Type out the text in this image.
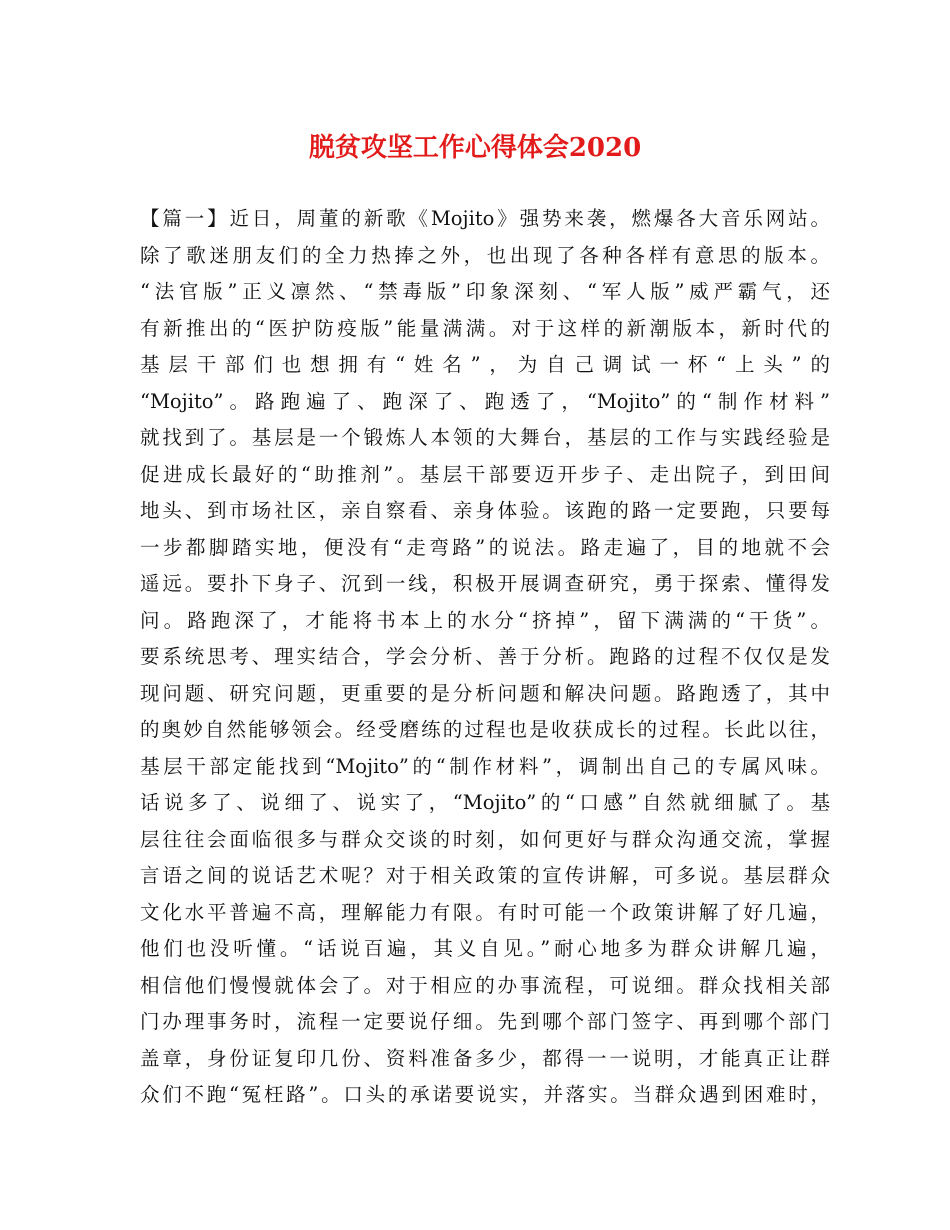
脱贫攻坚工作心得体会2020
【篇一】近日，周董的新歌《Mojito》强势来袭，燃爆各大音乐网站。
除了歌迷朋友们的全力热捧之外，也出现了各种各样有意思的版本。
“法官版”正义凛然、“禁毒版”印象深刻、“军人版”威严霸气，还
有新推出的“医护防疫版”能量满满。对于这样的新潮版本，新时代的
基层干部们也想拥有“姓名”，为自己调试一杯“上头”的
“Mojito”。路跑遍了、跑深了、跑透了，“Mojito”的“制作材料”
就找到了。基层是一个锻炼人本领的大舞台，基层的工作与实践经验是
促进成长最好的“助推剂”。基层干部要迈开步子、走出院子，到田间
地头、到市场社区，亲自察看、亲身体验。该跑的路一定要跑，只要每
一步都脚踏实地，便没有“走弯路”的说法。路走遍了，目的地就不会
遥远。要扑下身子、沉到一线，积极开展调查研究，勇于探索、懂得发
问。路跑深了，才能将书本上的水分“挤掉”，留下满满的“干货”。
要系统思考、理实结合，学会分析、善于分析。跑路的过程不仅仅是发
现问题、研究问题，更重要的是分析问题和解决问题。路跑透了，其中
的奥妙自然能够领会。经受磨练的过程也是收获成长的过程。长此以往，
基层干部定能找到“Mojito”的“制作材料”，调制出自己的专属风味。
话说多了、说细了、说实了，“Mojito”的“口感”自然就细腻了。基
层往往会面临很多与群众交谈的时刻，如何更好与群众沟通交流，掌握
言语之间的说话艺术呢？对于相关政策的宣传讲解，可多说。基层群众
文化水平普遍不高，理解能力有限。有时可能一个政策讲解了好几遍，
他们也没听懂。“话说百遍，其义自见。”耐心地多为群众讲解几遍，
相信他们慢慢就体会了。对于相应的办事流程，可说细。群众找相关部
门办理事务时，流程一定要说仔细。先到哪个部门签字、再到哪个部门
盖章，身份证复印几份、资料准备多少，都得一一说明，才能真正让群
众们不跑“冤枉路”。口头的承诺要说实，并落实。当群众遇到困难时，
